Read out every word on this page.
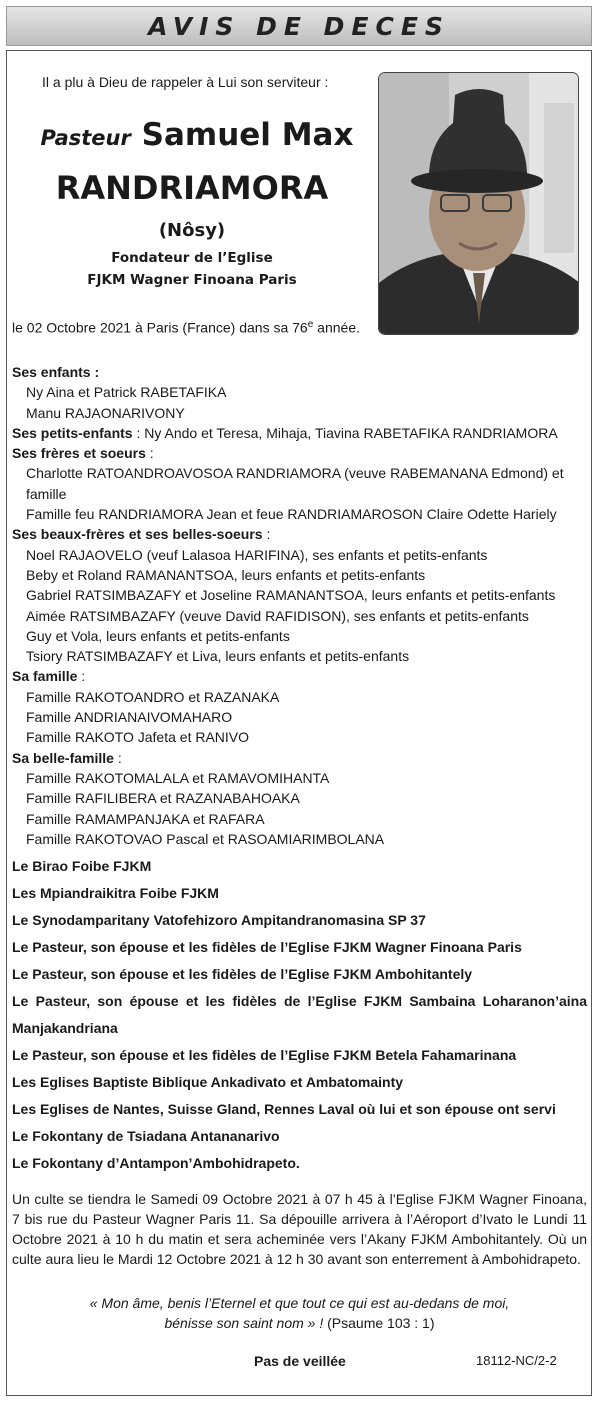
AVIS DE DECES
Il a plu à Dieu de rappeler à Lui son serviteur :
Pasteur Samuel Max
RANDRIAMORA
(Nôsy)
Fondateur de l’Eglise
FJKM Wagner Finoana Paris
le 02 Octobre 2021 à Paris (France) dans sa 76e année.
Ses enfants :
Ny Aina et Patrick RABETAFIKA
Manu RAJAONARIVONY
Ses petits-enfants : Ny Ando et Teresa, Mihaja, Tiavina RABETAFIKA RANDRIAMORA
Ses frères et soeurs :
Charlotte RATOANDROAVOSOA RANDRIAMORA (veuve RABEMANANA Edmond) et famille
Famille feu RANDRIAMORA Jean et feue RANDRIAMAROSON Claire Odette Hariely
Ses beaux-frères et ses belles-soeurs :
Noel RAJAOVELO (veuf Lalasoa HARIFINA), ses enfants et petits-enfants
Beby et Roland RAMANANTSOA, leurs enfants et petits-enfants
Gabriel RATSIMBAZAFY et Joseline RAMANANTSOA, leurs enfants et petits-enfants
Aimée RATSIMBAZAFY (veuve David RAFIDISON), ses enfants et petits-enfants
Guy et Vola, leurs enfants et petits-enfants
Tsiory RATSIMBAZAFY et Liva, leurs enfants et petits-enfants
Sa famille :
Famille RAKOTOANDRO et RAZANAKA
Famille ANDRIANAIVOMAHARO
Famille RAKOTO Jafeta et RANIVO
Sa belle-famille :
Famille RAKOTOMALALA et RAMAVOMIHANTA
Famille RAFILIBERA et RAZANABAHOAKA
Famille RAMAMPANJAKA et RAFARA
Famille RAKOTOVAO Pascal et RASOAMIARIMBOLANA
Le Birao Foibe FJKM
Les Mpiandraikitra Foibe FJKM
Le Synodamparitany Vatofehizoro Ampitandranomasina SP 37
Le Pasteur, son épouse et les fidèles de l’Eglise FJKM Wagner Finoana Paris
Le Pasteur, son épouse et les fidèles de l’Eglise FJKM Ambohitantely
Le Pasteur, son épouse et les fidèles de l’Eglise FJKM Sambaina Loharanon’aina Manjakandriana
Le Pasteur, son épouse et les fidèles de l’Eglise FJKM Betela Fahamarinana
Les Eglises Baptiste Biblique Ankadivato et Ambatomainty
Les Eglises de Nantes, Suisse Gland, Rennes Laval où lui et son épouse ont servi
Le Fokontany de Tsiadana Antananarivo
Le Fokontany d’Antampon’Ambohidrapeto.
Un culte se tiendra le Samedi 09 Octobre 2021 à 07 h 45 à l’Eglise FJKM Wagner Finoana, 7 bis rue du Pasteur Wagner Paris 11. Sa dépouille arrivera à l’Aéroport d’Ivato le Lundi 11 Octobre 2021 à 10 h du matin et sera acheminée vers l’Akany FJKM Ambohitantely. Où un culte aura lieu le Mardi 12 Octobre 2021 à 12 h 30 avant son enterrement à Ambohidrapeto.
« Mon âme, benis l’Eternel et que tout ce qui est au-dedans de moi,
bénisse son saint nom » ! (Psaume 103 : 1)
Pas de veillée	18112-NC/2-2
